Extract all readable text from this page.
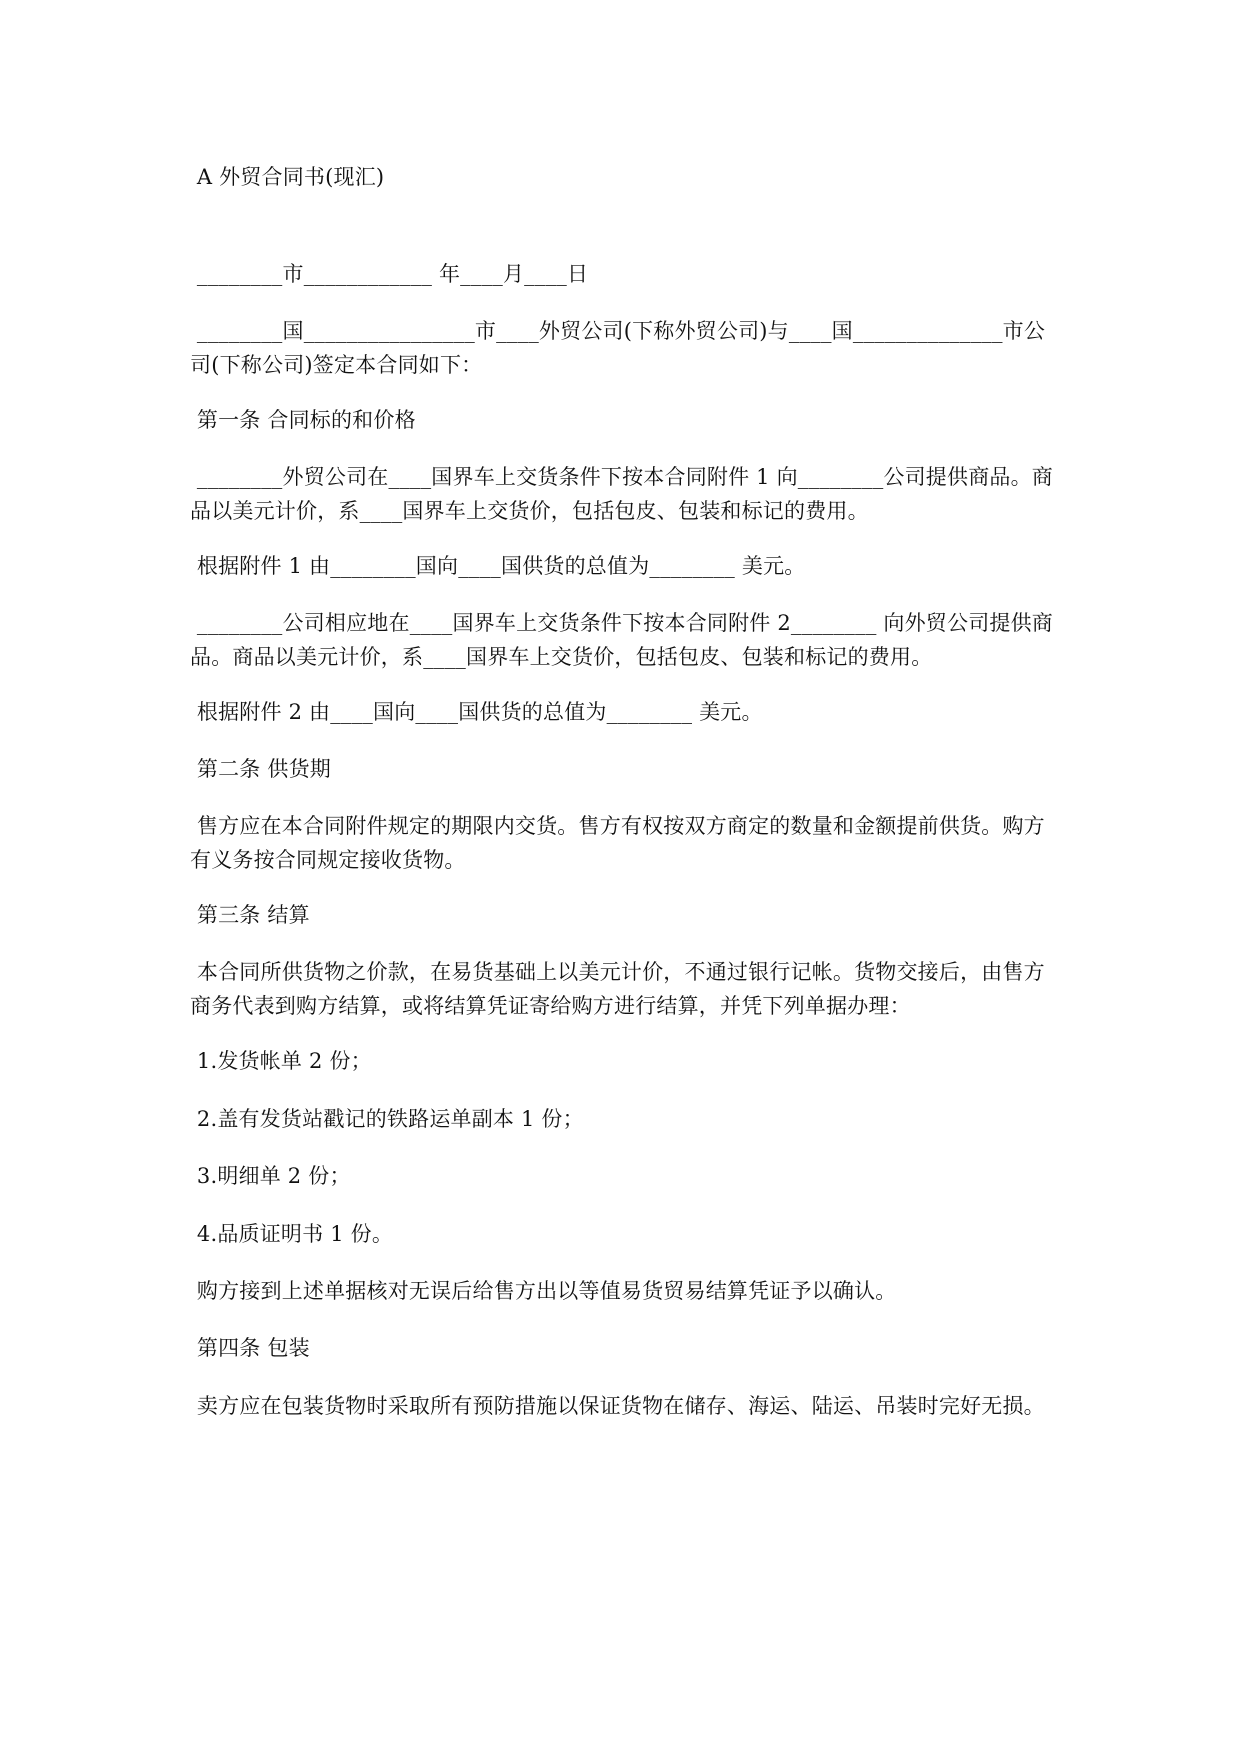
A 外贸合同书(现汇)
________市____________ 年____月____日
________国________________市____外贸公司(下称外贸公司)与____国______________市公司(下称公司)签定本合同如下：
第一条 合同标的和价格
________外贸公司在____国界车上交货条件下按本合同附件 1 向________公司提供商品。商品以美元计价，系____国界车上交货价，包括包皮、包装和标记的费用。
根据附件 1 由________国向____国供货的总值为________ 美元。
________公司相应地在____国界车上交货条件下按本合同附件 2________ 向外贸公司提供商品。商品以美元计价，系____国界车上交货价，包括包皮、包装和标记的费用。
根据附件 2 由____国向____国供货的总值为________ 美元。
第二条 供货期
售方应在本合同附件规定的期限内交货。售方有权按双方商定的数量和金额提前供货。购方有义务按合同规定接收货物。
第三条 结算
本合同所供货物之价款，在易货基础上以美元计价，不通过银行记帐。货物交接后，由售方商务代表到购方结算，或将结算凭证寄给购方进行结算，并凭下列单据办理：
1.发货帐单 2 份；
2.盖有发货站戳记的铁路运单副本 1 份；
3.明细单 2 份；
4.品质证明书 1 份。
购方接到上述单据核对无误后给售方出以等值易货贸易结算凭证予以确认。
第四条 包装
卖方应在包装货物时采取所有预防措施以保证货物在储存、海运、陆运、吊装时完好无损。
